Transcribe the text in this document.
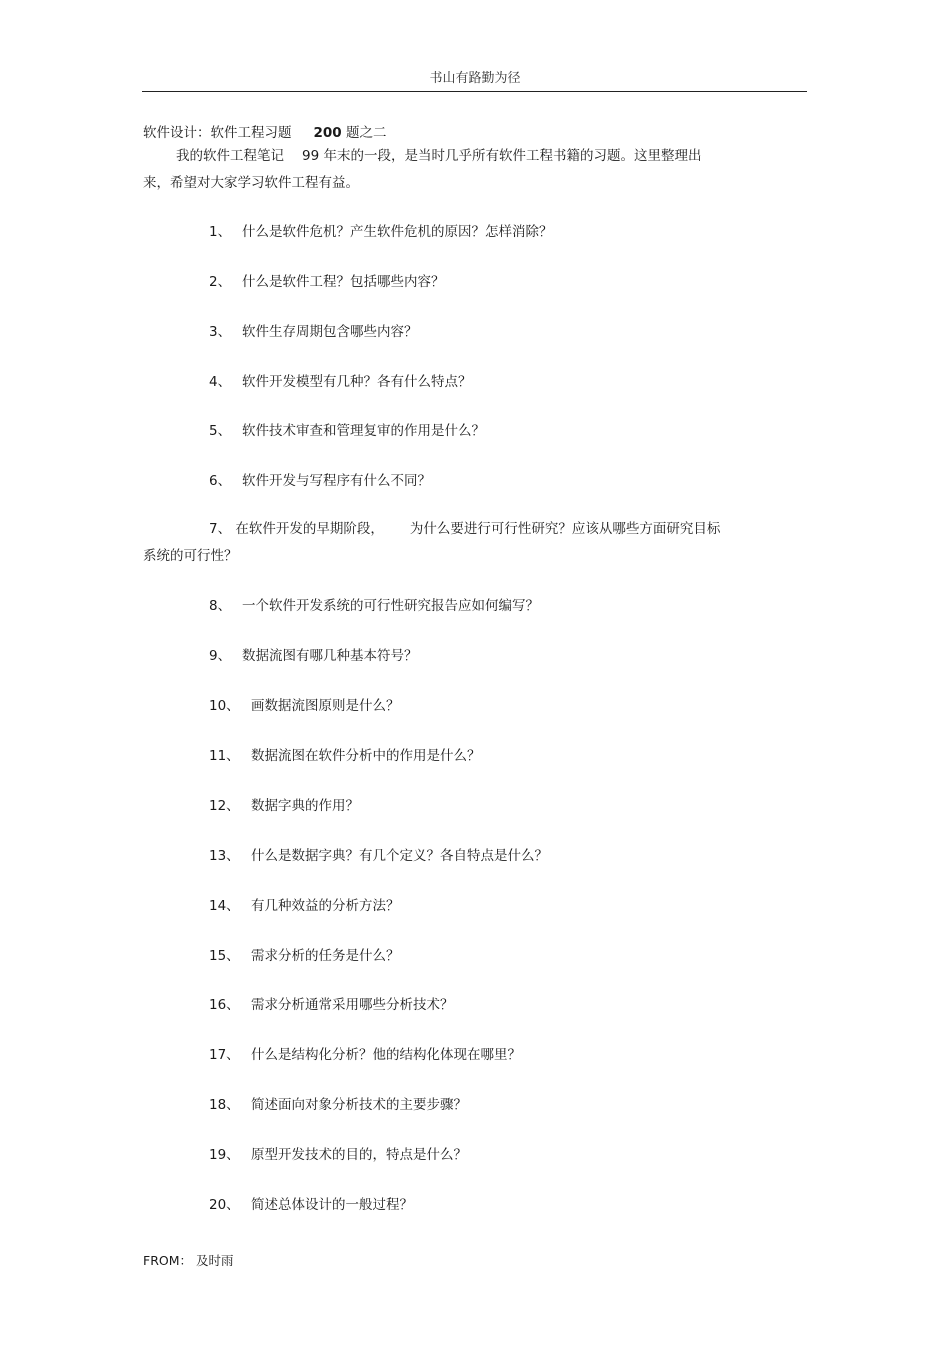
书山有路勤为径
软件设计：软件工程习题 200 题之二
我的软件工程笔记 99 年末的一段，是当时几乎所有软件工程书籍的习题。这里整理出
来，希望对大家学习软件工程有益。
1、 什么是软件危机？产生软件危机的原因？怎样消除？
2、 什么是软件工程？包括哪些内容？
3、 软件生存周期包含哪些内容？
4、 软件开发模型有几种？各有什么特点？
5、 软件技术审查和管理复审的作用是什么？
6、 软件开发与写程序有什么不同？
7、 在软件开发的早期阶段， 为什么要进行可行性研究？应该从哪些方面研究目标
系统的可行性？
8、 一个软件开发系统的可行性研究报告应如何编写？
9、 数据流图有哪几种基本符号？
10、 画数据流图原则是什么？
11、 数据流图在软件分析中的作用是什么？
12、 数据字典的作用？
13、 什么是数据字典？有几个定义？各自特点是什么？
14、 有几种效益的分析方法？
15、 需求分析的任务是什么？
16、 需求分析通常采用哪些分析技术？
17、 什么是结构化分析？他的结构化体现在哪里？
18、 简述面向对象分析技术的主要步骤？
19、 原型开发技术的目的，特点是什么？
20、 简述总体设计的一般过程？
FROM： 及时雨
